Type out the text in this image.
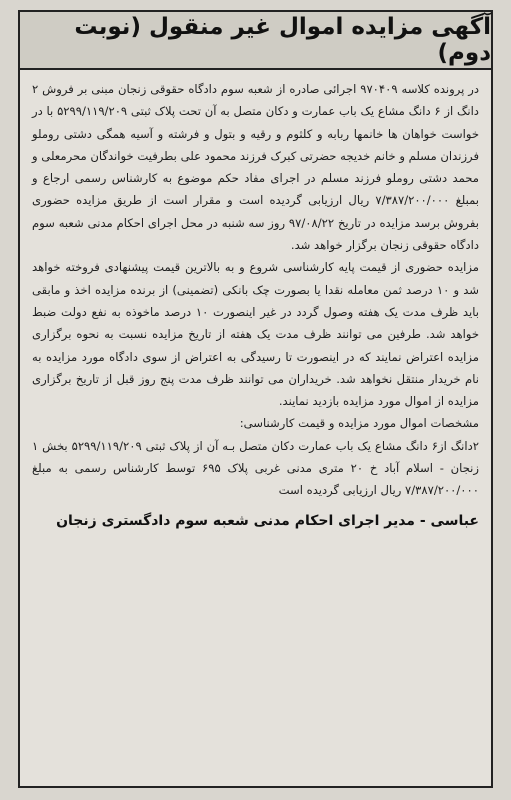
آگهی مزایده اموال غیر منقول (نوبت دوم)

در پرونده کلاسه ۹۷۰۴۰۹ اجرائی صادره از شعبه سوم دادگاه حقوقی زنجان مبنی بر فروش ۲ دانگ از ۶ دانگ مشاع یک باب عمارت و دکان متصل به آن تحت پلاک ثبتی ۵۲۹۹/۱۱۹/۲۰۹ با در خواست خواهان ها خانمها ربابه و کلثوم و رقیه و بتول و فرشته و آسیه همگی دشتی روملو فرزندان مسلم و خانم خدیجه حضرتی کبرک فرزند محمود علی بطرفیت خواندگان محرمعلی و محمد دشتی روملو فرزند مسلم در اجرای مفاد حکم موضوع به کارشناس رسمی ارجاع و بمبلغ ۷/۳۸۷/۲۰۰/۰۰۰ ریال ارزیابی گردیده است و مقرار است از طریق مزایده حضوری بفروش برسد مزایده در تاریخ ۹۷/۰۸/۲۲ روز سه شنبه در محل اجرای احکام مدنی شعبه سوم دادگاه حقوقی زنجان برگزار خواهد شد.

مزایده حضوری از قیمت پایه کارشناسی شروع و به بالاترین قیمت پیشنهادی فروخته خواهد شد و ۱۰ درصد ثمن معامله نقدا یا بصورت چک بانکی (تضمینی) از برنده مزایده اخذ و مابقی باید ظرف مدت یک هفته وصول گردد در غیر اینصورت ۱۰ درصد ماخوذه به نفع دولت ضبط خواهد شد. طرفین می توانند ظرف مدت یک هفته از تاریخ مزایده نسبت به نحوه برگزاری مزایده اعتراض نمایند که در اینصورت تا رسیدگی به اعتراض از سوی دادگاه مورد مزایده به نام خریدار منتقل نخواهد شد. خریداران می توانند ظرف مدت پنج روز قبل از تاریخ برگزاری مزایده از اموال مورد مزایده بازدید نمایند.

مشخصات اموال مورد مزایده و قیمت کارشناسی:

۲دانگ از۶ دانگ مشاع یک باب عمارت دکان متصل بـه آن از پلاک ثبتی ۵۲۹۹/۱۱۹/۲۰۹ بخش ۱ زنجان - اسلام آباد خ ۲۰ متری مدنی غربی پلاک ۶۹۵ توسط کارشناس رسمی به مبلغ ۷/۳۸۷/۲۰۰/۰۰۰ ریال ارزیابی گردیده است

عباسی - مدیر اجرای احکام مدنی شعبه سوم دادگستری زنجان
